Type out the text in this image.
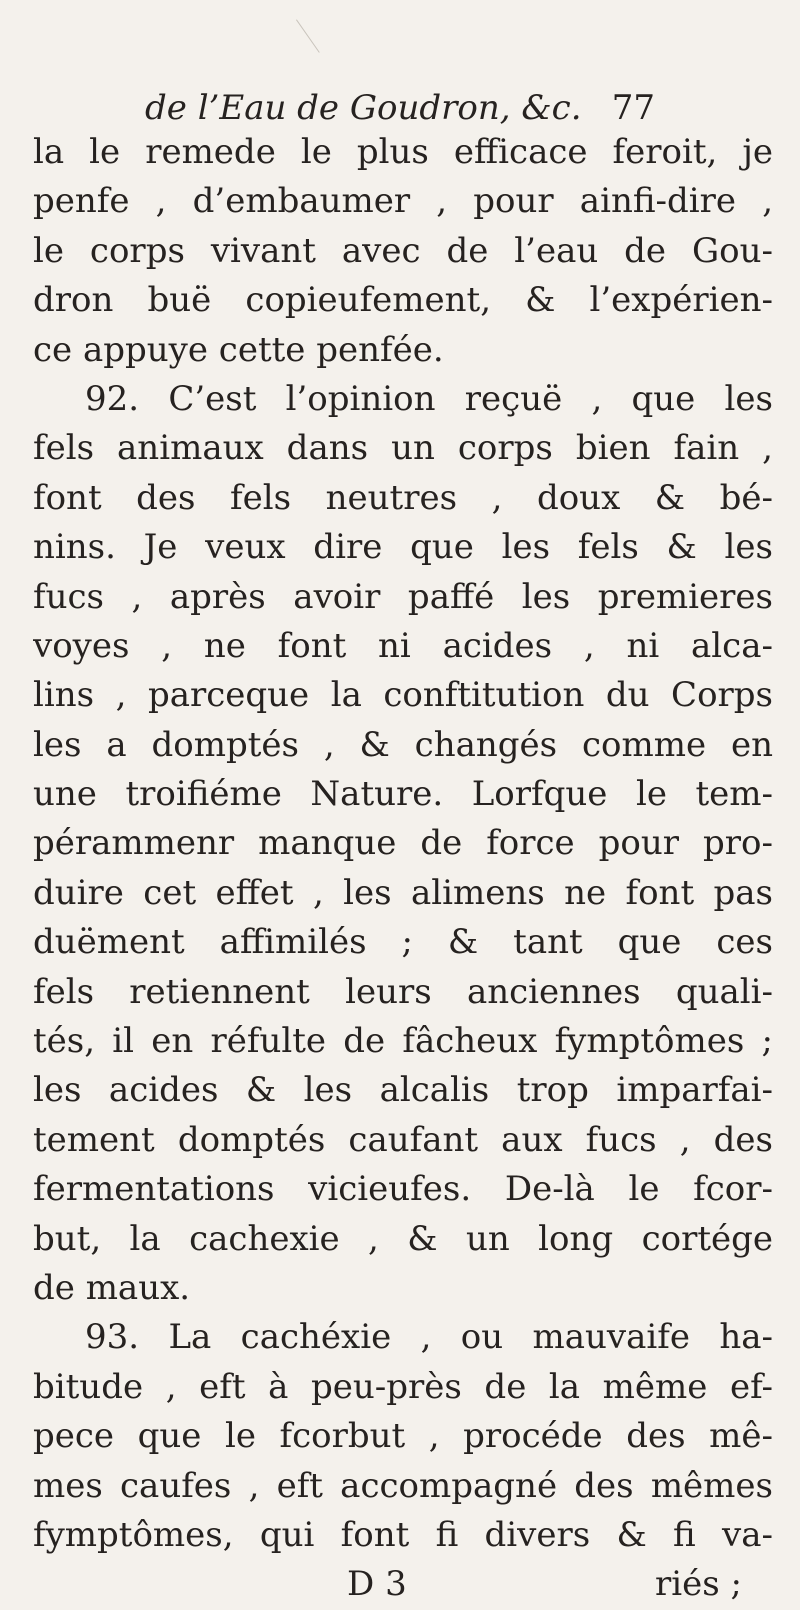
de l’Eau de Goudron, &c. 77
la le remede le plus efficace feroit, je
penfe , d’embaumer , pour ainfi-dire ,
le corps vivant avec de l’eau de Gou-
dron buë copieufement, & l’expérien-
ce appuye cette penfée.
92. C’est l’opinion reçuë , que les
fels animaux dans un corps bien fain ,
font des fels neutres , doux & bé-
nins. Je veux dire que les fels & les
fucs , après avoir paffé les premieres
voyes , ne font ni acides , ni alca-
lins , parceque la conftitution du Corps
les a domptés , & changés comme en
une troifiéme Nature. Lorfque le tem-
pérammenr manque de force pour pro-
duire cet effet , les alimens ne font pas
duëment affimilés ; & tant que ces
fels retiennent leurs anciennes quali-
tés, il en réfulte de fâcheux fymptômes ;
les acides & les alcalis trop imparfai-
tement domptés caufant aux fucs , des
fermentations vicieufes. De-là le fcor-
but, la cachexie , & un long cortége
de maux.
93. La cachéxie , ou mauvaife ha-
bitude , eft à peu-près de la même ef-
pece que le fcorbut , procéde des mê-
mes caufes , eft accompagné des mêmes
fymptômes, qui font fi divers & fi va-
D 3	riés ;
